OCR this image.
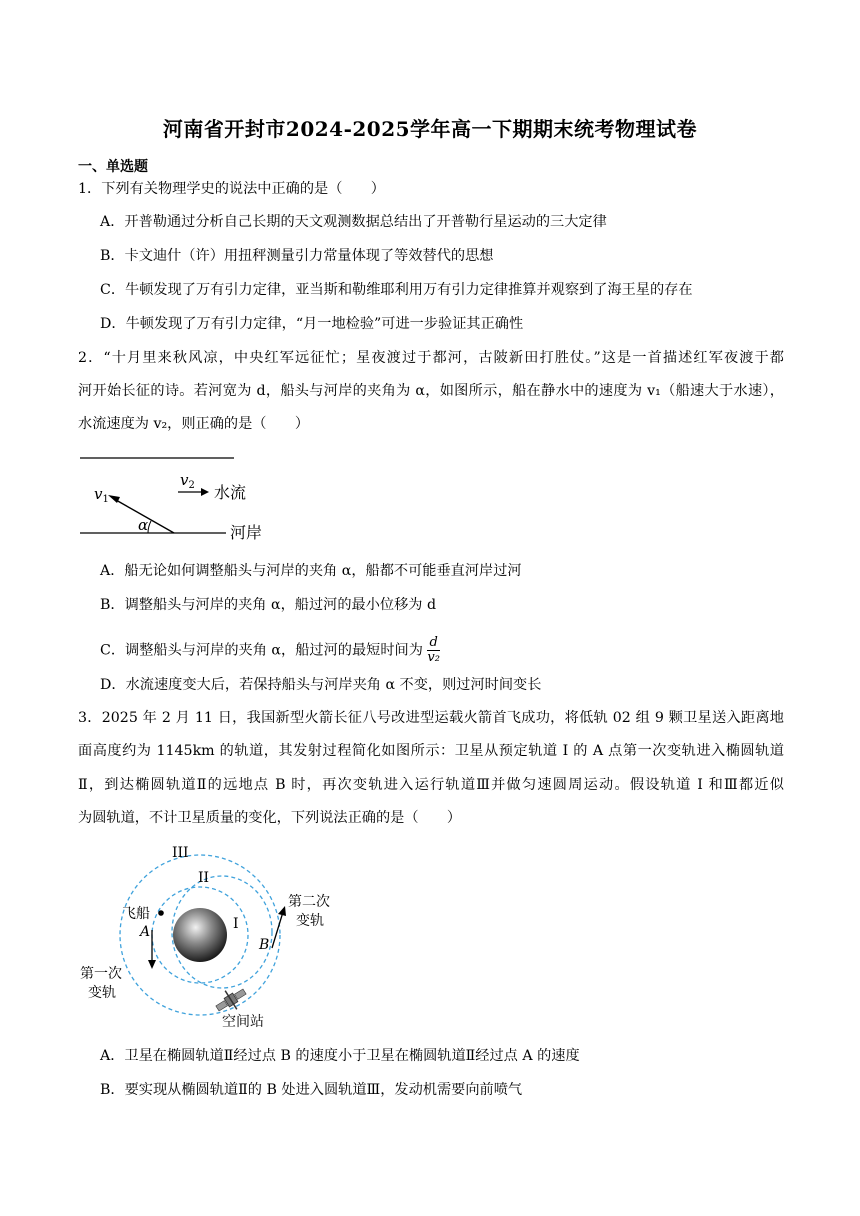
河南省开封市2024-2025学年高一下期期末统考物理试卷
一、单选题
1．下列有关物理学史的说法中正确的是（　　）
A．开普勒通过分析自己长期的天文观测数据总结出了开普勒行星运动的三大定律
B．卡文迪什（许）用扭秤测量引力常量体现了等效替代的思想
C．牛顿发现了万有引力定律，亚当斯和勒维耶利用万有引力定律推算并观察到了海王星的存在
D．牛顿发现了万有引力定律，“月一地检验”可进一步验证其正确性
2．“十月里来秋风凉，中央红军远征忙；星夜渡过于都河，古陂新田打胜仗。”这是一首描述红军夜渡于都
河开始长征的诗。若河宽为 d，船头与河岸的夹角为 α，如图所示，船在静水中的速度为 v₁（船速大于水速），
水流速度为 v₂，则正确的是（　　）
$v_1$
$v_2$ 水流
α	河岸
A．船无论如何调整船头与河岸的夹角 α，船都不可能垂直河岸过河
B．调整船头与河岸的夹角 α，船过河的最小位移为 d
C．调整船头与河岸的夹角 α，船过河的最短时间为 $\frac{d}{\text{v₂}}$
D．水流速度变大后，若保持船头与河岸夹角 α 不变，则过河时间变长
3．2025 年 2 月 11 日，我国新型火箭长征八号改进型运载火箭首飞成功，将低轨 02 组 9 颗卫星送入距离地
面高度约为 1145km 的轨道，其发射过程简化如图所示：卫星从预定轨道 I 的 A 点第一次变轨进入椭圆轨道
Ⅱ，到达椭圆轨道Ⅱ的远地点 B 时，再次变轨进入运行轨道Ⅲ并做匀速圆周运动。假设轨道 I 和Ⅲ都近似
为圆轨道，不计卫星质量的变化，下列说法正确的是（　　）
III
II
I
飞船
A
B
第二次
变轨
第一次
变轨
空间站
A．卫星在椭圆轨道Ⅱ经过点 B 的速度小于卫星在椭圆轨道Ⅱ经过点 A 的速度
B．要实现从椭圆轨道Ⅱ的 B 处进入圆轨道Ⅲ，发动机需要向前喷气
